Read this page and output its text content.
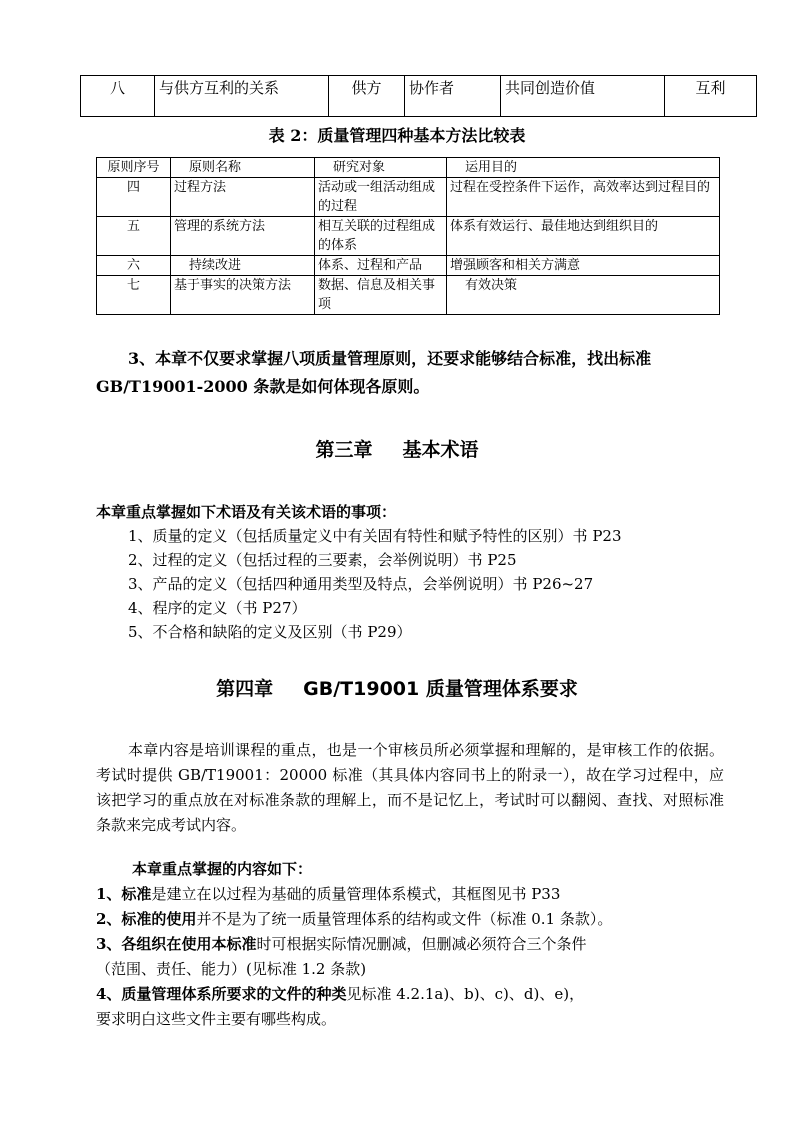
八	与供方互利的关系	供方	协作者	共同创造价值	互利
表 2：质量管理四种基本方法比较表
原则序号	原则名称	研究对象	运用目的
四	过程方法	活动或一组活动组成的过程	过程在受控条件下运作，高效率达到过程目的
五	管理的系统方法	相互关联的过程组成的体系	体系有效运行、最佳地达到组织目的
六	持续改进	体系、过程和产品	增强顾客和相关方满意
七	基于事实的决策方法	数据、信息及相关事项	有效决策
3、本章不仅要求掌握八项质量管理原则，还要求能够结合标准，找出标准 GB/T19001-2000 条款是如何体现各原则。
第三章 基本术语
本章重点掌握如下术语及有关该术语的事项：
1、质量的定义（包括质量定义中有关固有特性和赋予特性的区别）书 P23
2、过程的定义（包括过程的三要素，会举例说明）书 P25
3、产品的定义（包括四种通用类型及特点，会举例说明）书 P26~27
4、程序的定义（书 P27）
5、不合格和缺陷的定义及区别（书 P29）
第四章 GB/T19001 质量管理体系要求
本章内容是培训课程的重点，也是一个审核员所必须掌握和理解的，是审核工作的依据。考试时提供 GB/T19001：20000 标准（其具体内容同书上的附录一），故在学习过程中，应该把学习的重点放在对标准条款的理解上，而不是记忆上，考试时可以翻阅、查找、对照标准条款来完成考试内容。
本章重点掌握的内容如下：
1、标准是建立在以过程为基础的质量管理体系模式，其框图见书 P33
2、标准的使用并不是为了统一质量管理体系的结构或文件（标准 0.1 条款）。
3、各组织在使用本标准时可根据实际情况删减，但删减必须符合三个条件
（范围、责任、能力）(见标准 1.2 条款)
4、质量管理体系所要求的文件的种类见标准 4.2.1a)、b)、c)、d)、e)，
要求明白这些文件主要有哪些构成。
